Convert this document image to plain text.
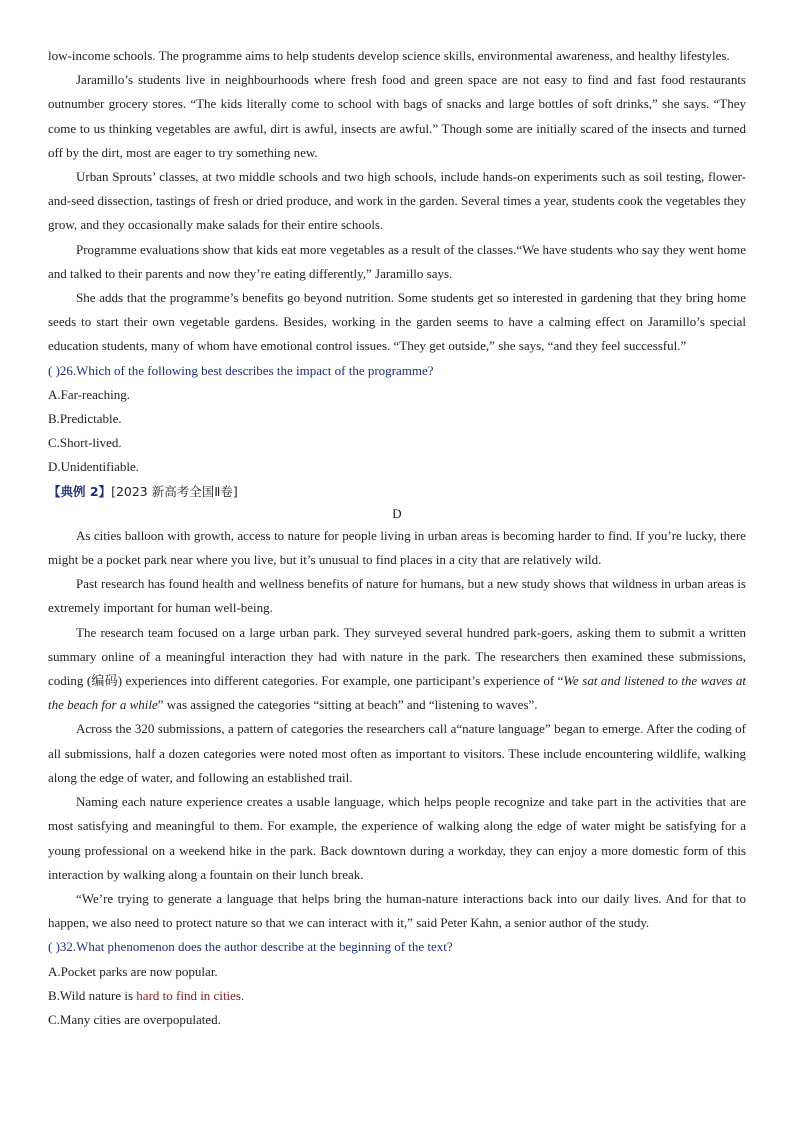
low-income schools. The programme aims to help students develop science skills, environmental awareness, and healthy lifestyles.

Jaramillo’s students live in neighbourhoods where fresh food and green space are not easy to find and fast food restaurants outnumber grocery stores. “The kids literally come to school with bags of snacks and large bottles of soft drinks,” she says. “They come to us thinking vegetables are awful, dirt is awful, insects are awful.” Though some are initially scared of the insects and turned off by the dirt, most are eager to try something new.

Urban Sprouts’ classes, at two middle schools and two high schools, include hands-on experiments such as soil testing, flower-and-seed dissection, tastings of fresh or dried produce, and work in the garden. Several times a year, students cook the vegetables they grow, and they occasionally make salads for their entire schools.

Programme evaluations show that kids eat more vegetables as a result of the classes.“We have students who say they went home and talked to their parents and now they’re eating differently,” Jaramillo says.

She adds that the programme’s benefits go beyond nutrition. Some students get so interested in gardening that they bring home seeds to start their own vegetable gardens. Besides, working in the garden seems to have a calming effect on Jaramillo’s special education students, many of whom have emotional control issues. “They get outside,” she says, “and they feel successful.”

( )26.Which of the following best describes the impact of the programme?

A.Far-reaching.

B.Predictable.

C.Short-lived.

D.Unidentifiable.

【典例 2】[2023 新高考全国Ⅱ卷]

D

As cities balloon with growth, access to nature for people living in urban areas is becoming harder to find. If you’re lucky, there might be a pocket park near where you live, but it’s unusual to find places in a city that are relatively wild.

Past research has found health and wellness benefits of nature for humans, but a new study shows that wildness in urban areas is extremely important for human well-being.

The research team focused on a large urban park. They surveyed several hundred park-goers, asking them to submit a written summary online of a meaningful interaction they had with nature in the park. The researchers then examined these submissions, coding (编码) experiences into different categories. For example, one participant’s experience of “We sat and listened to the waves at the beach for a while” was assigned the categories “sitting at beach” and “listening to waves”.

Across the 320 submissions, a pattern of categories the researchers call a“nature language” began to emerge. After the coding of all submissions, half a dozen categories were noted most often as important to visitors. These include encountering wildlife, walking along the edge of water, and following an established trail.

Naming each nature experience creates a usable language, which helps people recognize and take part in the activities that are most satisfying and meaningful to them. For example, the experience of walking along the edge of water might be satisfying for a young professional on a weekend hike in the park. Back downtown during a workday, they can enjoy a more domestic form of this interaction by walking along a fountain on their lunch break.

“We’re trying to generate a language that helps bring the human-nature interactions back into our daily lives. And for that to happen, we also need to protect nature so that we can interact with it,” said Peter Kahn, a senior author of the study.

( )32.What phenomenon does the author describe at the beginning of the text?

A.Pocket parks are now popular.

B.Wild nature is hard to find in cities.

C.Many cities are overpopulated.
